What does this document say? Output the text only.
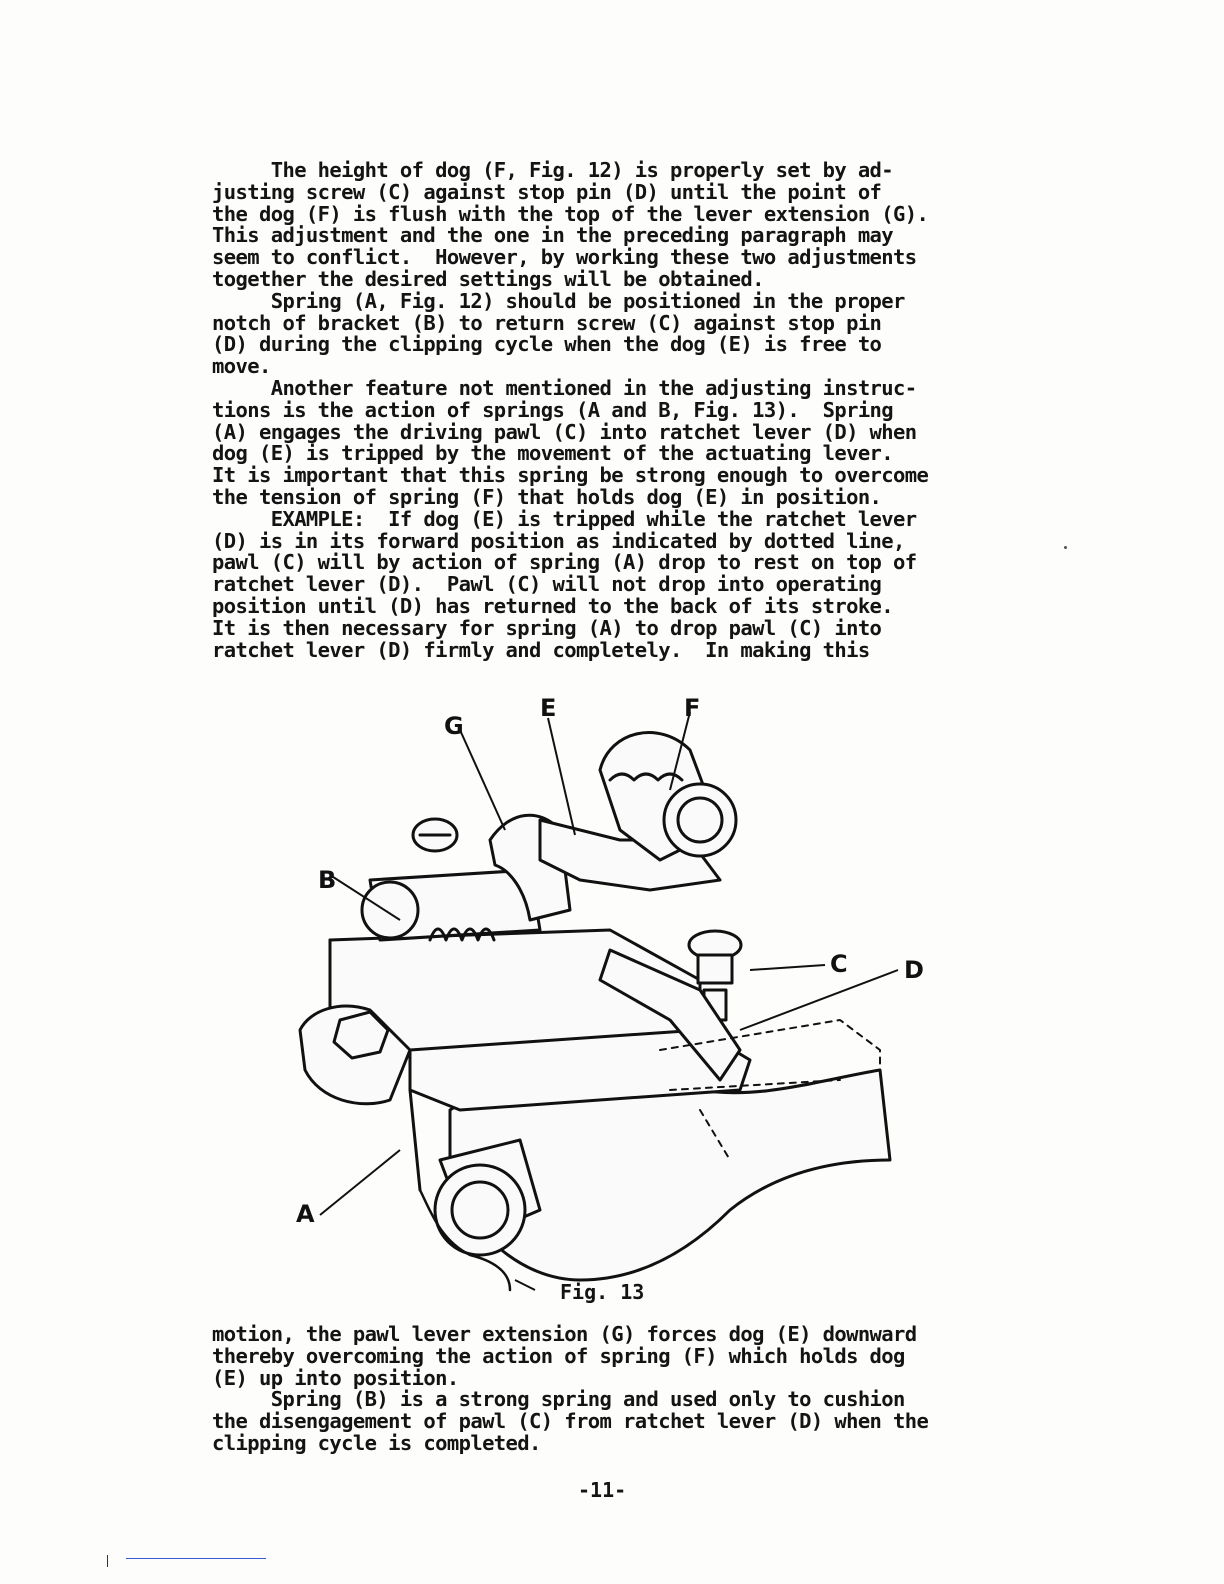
The height of dog (F, Fig. 12) is properly set by ad-
justing screw (C) against stop pin (D) until the point of
the dog (F) is flush with the top of the lever extension (G).
This adjustment and the one in the preceding paragraph may
seem to conflict.  However, by working these two adjustments
together the desired settings will be obtained.
Spring (A, Fig. 12) should be positioned in the proper
notch of bracket (B) to return screw (C) against stop pin
(D) during the clipping cycle when the dog (E) is free to
move.
Another feature not mentioned in the adjusting instruc-
tions is the action of springs (A and B, Fig. 13).  Spring
(A) engages the driving pawl (C) into ratchet lever (D) when
dog (E) is tripped by the movement of the actuating lever.
It is important that this spring be strong enough to overcome
the tension of spring (F) that holds dog (E) in position.
EXAMPLE:  If dog (E) is tripped while the ratchet lever
(D) is in its forward position as indicated by dotted line,
pawl (C) will by action of spring (A) drop to rest on top of
ratchet lever (D).  Pawl (C) will not drop into operating
position until (D) has returned to the back of its stroke.
It is then necessary for spring (A) to drop pawl (C) into
ratchet lever (D) firmly and completely.  In making this
G
E	F
B
C D
A
Fig. 13
motion, the pawl lever extension (G) forces dog (E) downward
thereby overcoming the action of spring (F) which holds dog
(E) up into position.
Spring (B) is a strong spring and used only to cushion
the disengagement of pawl (C) from ratchet lever (D) when the
clipping cycle is completed.
-11-
